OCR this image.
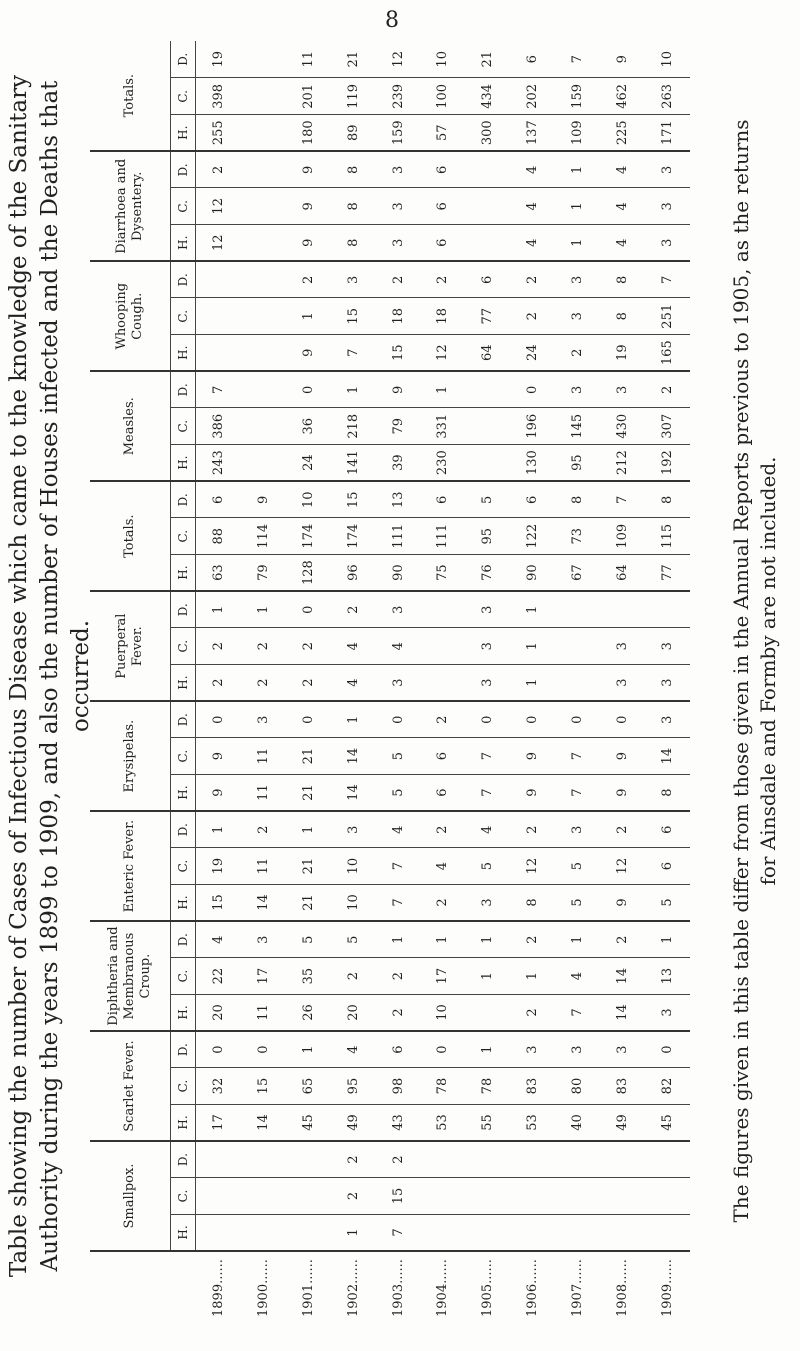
8
Table showing the number of Cases of Infectious Disease which came to the knowledge of the Sanitary Authority during the years 1899 to 1909, and also the number of Houses infected and the Deaths that occurred.
	Smallpox.			Scarlet Fever.			Diphtheria and Membranous Croup.			Enteric Fever.			Erysipelas.			Puerperal Fever.			Totals.			Measles.			Whooping Cough.			Diarrhoea and Dysentery.			Totals.		
	H.	C.	D.	H.	C.	D.	H.	C.	D.	H.	C.	D.	H.	C.	D.	H.	C.	D.	H.	C.	D.	H.	C.	D.	H.	C.	D.	H.	C.	D.	H.	C.	D.
1899......				17	32	0	20	22	4	15	19	1	9	9	0	2	2	1	63	88	6	243	386	7				12	12	2	255	398	19
1900......				14	15	0	11	17	3	14	11	2	11	11	3	2	2	1	79	114	9												
1901......				45	65	1	26	35	5	21	21	1	21	21	0	2	2	0	128	174	10	24	36	0	9	1	2	9	9	9	180	201	11
1902......	1	2	2	49	95	4	20	2	5	10	10	3	14	14	1	4	4	2	96	174	15	141	218	1	7	15	3	8	8	8	89	119	21
1903......	7	15	2	43	98	6	2	2	1	7	7	4	5	5	0	3	4	3	90	111	13	39	79	9	15	18	2	3	3	3	159	239	12
1904......				53	78	0	10	17	1	2	4	2	6	6	2				75	111	6	230	331	1	12	18	2	6	6	6	57	100	10
1905......				55	78	1		1	1	3	5	4	7	7	0	3	3	3	76	95	5				64	77	6				300	434	21
1906......				53	83	3	2	1	2	8	12	2	9	9	0	1	1	1	90	122	6	130	196	0	24	2	2	4	4	4	137	202	6
1907......				40	80	3	7	4	1	5	5	3	7	7	0				67	73	8	95	145	3	2	3	3	1	1	1	109	159	7
1908......				49	83	3	14	14	2	9	12	2	9	9	0	3	3		64	109	7	212	430	3	19	8	8	4	4	4	225	462	9
1909......				45	82	0	3	13	1	5	6	6	8	14	3	3	3		77	115	8	192	307	2	165	251	7	3	3	3	171	263	10
The figures given in this table differ from those given in the Annual Reports previous to 1905, as the returns for Ainsdale and Formby are not included.
